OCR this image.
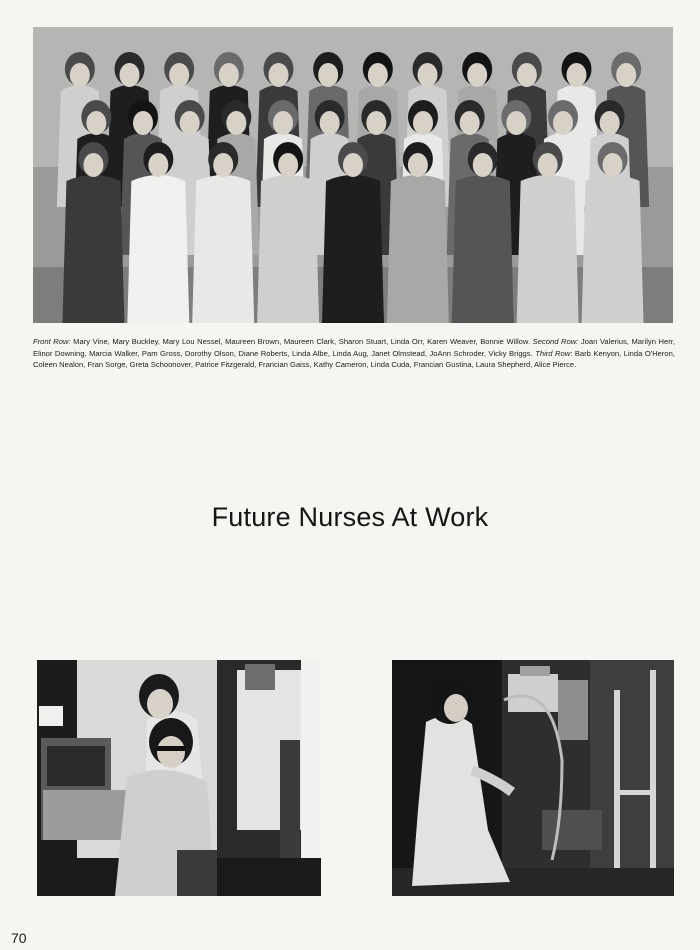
Front Row: Mary Vine, Mary Buckley, Mary Lou Nessel, Maureen Brown, Maureen Clark, Sharon Stuart, Linda Orr, Karen Weaver, Bonnie Willow. Second Row: Joan Valerius, Marilyn Herr, Elinor Downing, Marcia Walker, Pam Gross, Dorothy Olson, Diane Roberts, Linda Albe, Linda Aug, Janet Olmstead, JoAnn Schroder, Vicky Briggs. Third Row: Barb Kenyon, Linda O'Heron, Coleen Nealon, Fran Sorge, Greta Schoonover, Patrice Fitzgerald, Francian Gaiss, Kathy Cameron, Linda Cuda, Francian Gustina, Laura Shepherd, Alice Pierce.
Future Nurses At Work
70
